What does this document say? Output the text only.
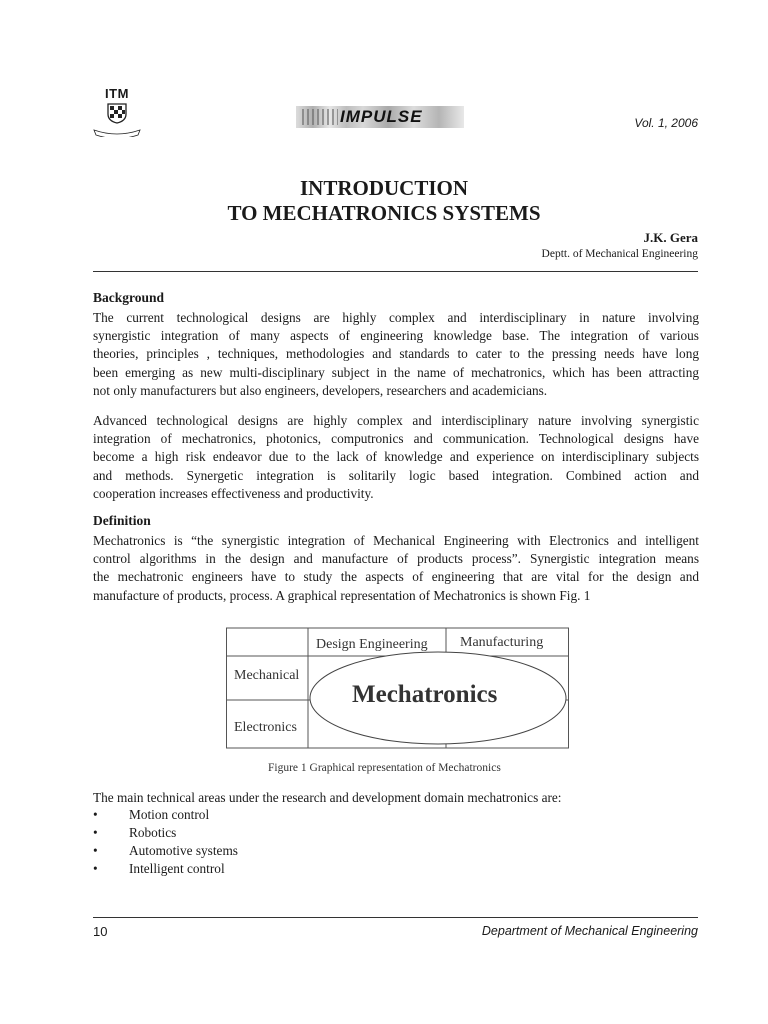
ITM
IMPULSE	Vol. 1, 2006
INTRODUCTION
TO MECHATRONICS SYSTEMS
J.K. Gera
Deptt. of Mechanical Engineering
Background
The current technological designs are highly complex and interdisciplinary in nature involving
synergistic integration of many aspects of engineering knowledge base. The integration of various
theories, principles , techniques, methodologies and standards to cater to the pressing needs have long
been emerging as new multi-disciplinary subject in the name of mechatronics, which has been attracting
not only manufacturers but also engineers, developers, researchers and academicians.
Advanced technological designs are highly complex and interdisciplinary nature involving synergistic
integration of mechatronics, photonics, computronics and communication. Technological designs have
become a high risk endeavor due to the lack of knowledge and experience on interdisciplinary subjects
and methods. Synergetic integration is solitarily logic based integration. Combined action and
cooperation increases effectiveness and productivity.
Definition
Mechatronics is “the synergistic integration of Mechanical Engineering with Electronics and intelligent
control algorithms in the design and manufacture of products process”. Synergistic integration means
the mechatronic engineers have to study the aspects of engineering that are vital for the design and
manufacture of products, process. A graphical representation of Mechatronics is shown Fig. 1
Design Engineering Manufacturing
Mechanical
Electronics
Mechatronics
Figure 1 Graphical representation of Mechatronics
The main technical areas under the research and development domain mechatronics are:
•	Motion control
•	Robotics
•	Automotive systems
•	Intelligent control
10	Department of Mechanical Engineering
